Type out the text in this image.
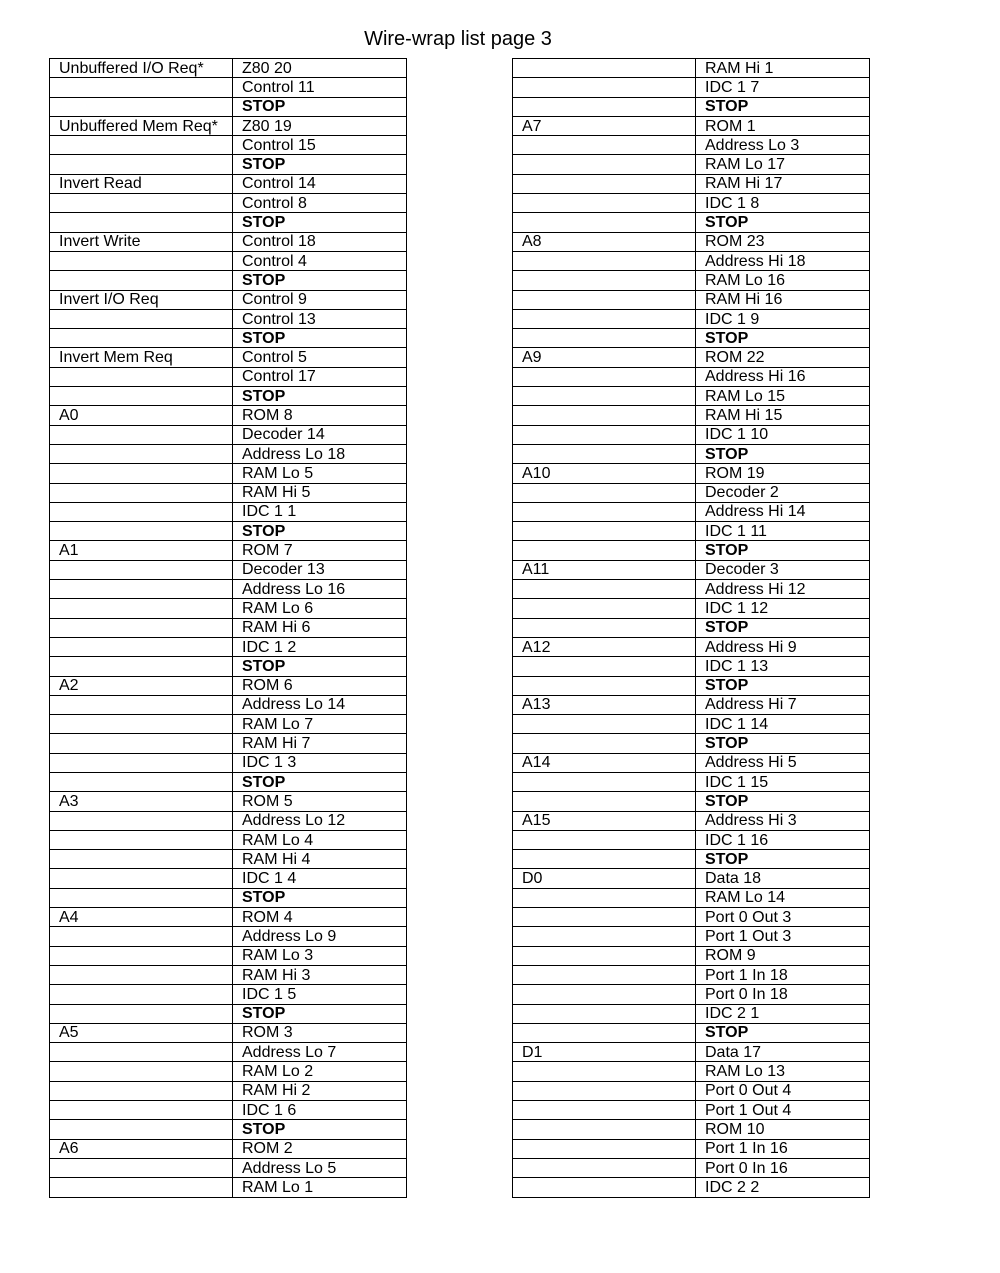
Wire-wrap list page 3
Unbuffered I/O Req*	Z80 20
	Control 11
	STOP
Unbuffered Mem Req*	Z80 19
	Control 15
	STOP
Invert Read	Control 14
	Control 8
	STOP
Invert Write	Control 18
	Control 4
	STOP
Invert I/O Req	Control 9
	Control 13
	STOP
Invert Mem Req	Control 5
	Control 17
	STOP
A0	ROM 8
	Decoder 14
	Address Lo 18
	RAM Lo 5
	RAM Hi 5
	IDC 1 1
	STOP
A1	ROM 7
	Decoder 13
	Address Lo 16
	RAM Lo 6
	RAM Hi 6
	IDC 1 2
	STOP
A2	ROM 6
	Address Lo 14
	RAM Lo 7
	RAM Hi 7
	IDC 1 3
	STOP
A3	ROM 5
	Address Lo 12
	RAM Lo 4
	RAM Hi 4
	IDC 1 4
	STOP
A4	ROM 4
	Address Lo 9
	RAM Lo 3
	RAM Hi 3
	IDC 1 5
	STOP
A5	ROM 3
	Address Lo 7
	RAM Lo 2
	RAM Hi 2
	IDC 1 6
	STOP
A6	ROM 2
	Address Lo 5
	RAM Lo 1
	RAM Hi 1
	IDC 1 7
	STOP
A7	ROM 1
	Address Lo 3
	RAM Lo 17
	RAM Hi 17
	IDC 1 8
	STOP
A8	ROM 23
	Address Hi 18
	RAM Lo 16
	RAM Hi 16
	IDC 1 9
	STOP
A9	ROM 22
	Address Hi 16
	RAM Lo 15
	RAM Hi 15
	IDC 1 10
	STOP
A10	ROM 19
	Decoder 2
	Address Hi 14
	IDC 1 11
	STOP
A11	Decoder 3
	Address Hi 12
	IDC 1 12
	STOP
A12	Address Hi 9
	IDC 1 13
	STOP
A13	Address Hi 7
	IDC 1 14
	STOP
A14	Address Hi 5
	IDC 1 15
	STOP
A15	Address Hi 3
	IDC 1 16
	STOP
D0	Data 18
	RAM Lo 14
	Port 0 Out 3
	Port 1 Out 3
	ROM 9
	Port 1 In 18
	Port 0 In 18
	IDC 2 1
	STOP
D1	Data 17
	RAM Lo 13
	Port 0 Out 4
	Port 1 Out 4
	ROM 10
	Port 1 In 16
	Port 0 In 16
	IDC 2 2
